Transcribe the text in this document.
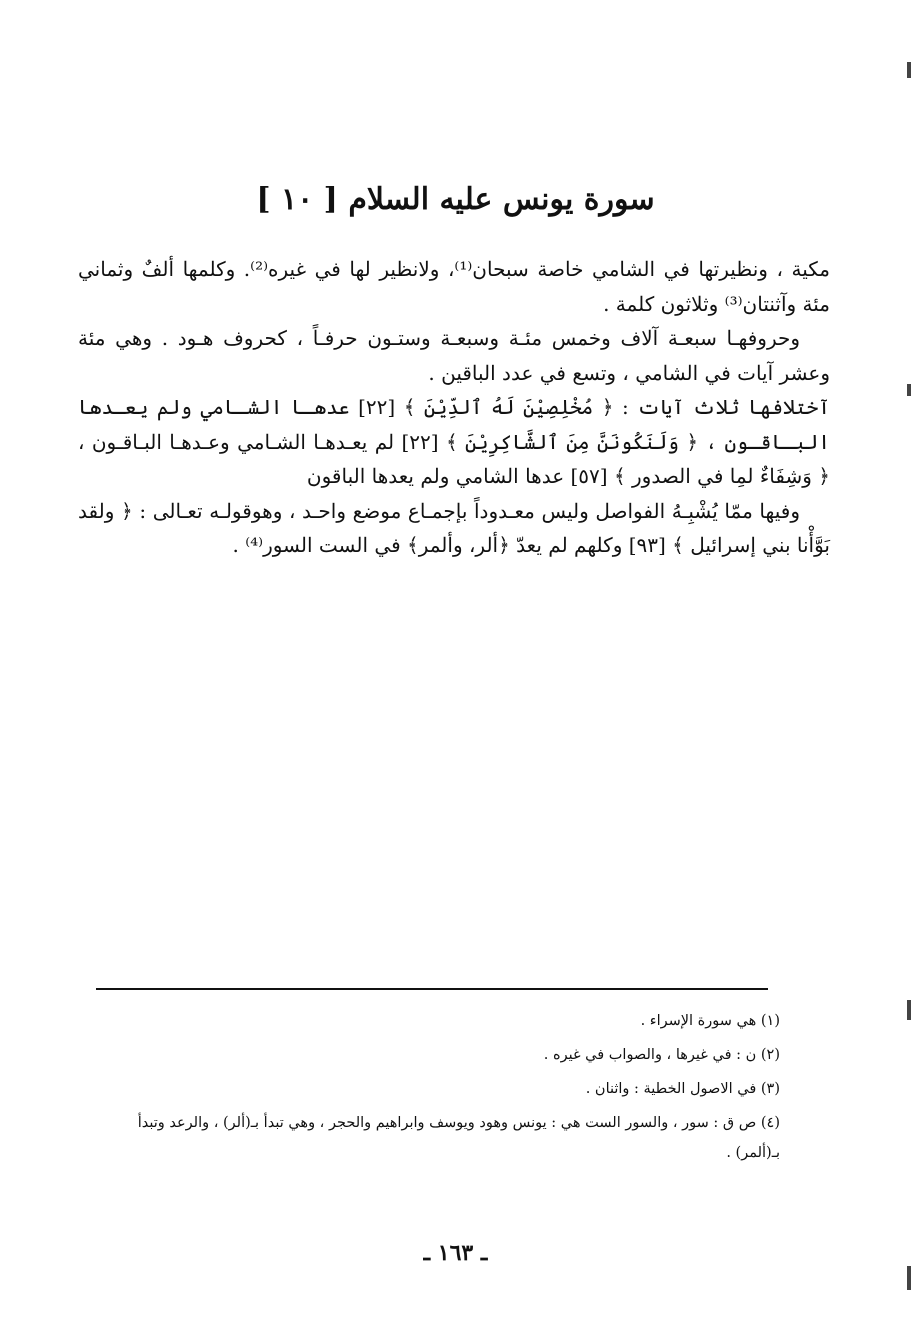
سورة يونس عليه السلام [ ١٠ ]

مكية ، ونظيرتها في الشامي خاصة سبحان⁽¹⁾، ولانظير لها في غيره⁽²⁾. وكلمها ألفٌ وثماني مئة وآثنتان⁽³⁾ وثلاثون كلمة .

وحروفهـا سبعـة آلاف وخمس مئـة وسبعـة وستـون حرفـاً ، كحروف هـود . وهي مئة وعشر آيات في الشامي ، وتسع في عدد الباقين .

آختلافها ثلاث آيات : ﴿ مُخْلِصِيْنَ لَهُ ٱلدِّيْنَ ﴾ [٢٢] عدهـا الشـامي ولم يعـدها البـاقـون ، ﴿ وَلَنَكُونَنَّ مِنَ ٱلشَّاكِرِيْنَ ﴾ [٢٢] لم يعـدهـا الشـامي وعـدهـا البـاقـون ، ﴿ وَشِفَاءٌ لمِا في الصدور ﴾ [٥٧] عدها الشامي ولم يعدها الباقون

وفيها ممّا يُشْبِـهُ الفواصل وليس معـدوداً بإجمـاع موضع واحـد ، وهوقولـه تعـالى : ﴿ ولقد بَوَّأْنا بني إسرائيل ﴾ [٩٣] وكلهم لم يعدّ ﴿ألر، وألمر﴾ في الست السور⁽⁴⁾ .

(١) هي سورة الإسراء .

(٢) ن : في غيرها ، والصواب في غيره .

(٣) في الاصول الخطية : واثنان .

(٤) ص ق : سور ، والسور الست هي : يونس وهود ويوسف وابراهيم والحجر ، وهي تبدأ بـ(ألر) ، والرعد وتبدأ
بـ(ألمر) .

ـ ١٦٣ ـ
